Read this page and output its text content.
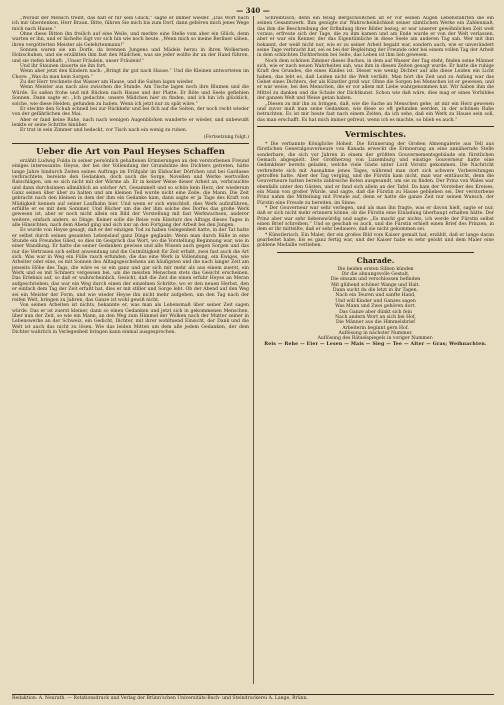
— 340 —

„Worauf der Mensch treibt, das hält er für sein Glück,“ sagte er immer wieder. „Das Wort nach ich mir überdenken, Herr Braun. Bitte, führen Sie mich bis zum Dorf, dann gehören mich jenes Wege mich nach Hause.“

Ohne diese Bitten ihn freilich auf eine Weile, und merkte eine Stelle vom aber ein Glück, denn warten er ihn, und er lächelte lügt vor sich hin wie noch heute. „Wenn mich so meine Berliner sähen, ihren vergötterten Meister als Gelehrtenmann!“

Sonnen waren sie am Dorfe, da brennen Jungens und Mädels herzu in ihren Wolkernen Holzschuhen, und sie erzählten ihm fast den Mädchen, was sie jeder wollte ihr an der Hand führen, und sie riefen lebhaft: „Unser Fräulein, unser Fräulein!“

Und ihr Staunen dauerte sie ihn fort.

Wenn aber jetzt den Kindern nach: „Bringt ihr gut nach Hause.“ Und die Kleinen antworteten im Chore: „Was da man kein Sorgen.“

Zu der Herr trocknete das Wasser am Hause, und die Saiten lagen wieder.

Wenn Meister aus nach also zwischen die Stunde. Am Tische lagen noch ihre Blumen und die Würde. Es saßen frohe und mit Rücken nach Hause und der Platte. Er Röte und Seele gefiehlen Sonnen. Dann sagte er: „Ich gedachte, unsere Mädchen hier zu finden, und ich bin ich glücklich, solche, wie diese Heiden, gefunden zu haben. Wenn ich jetzt nur zu spät wäre.“

Er steckte den Schuh schnell bei zur Rückkehr und bei fich auf die Seiten, der noch recht wieder von der gefährlichen des Mai.

Aber er fand keine Ruhe, nach nach wenigen Augenblicken wanderte er wieder, und unbewußt lenkte er seine Schritte hinüber.

Er trat in sein Zimmer und bedeckt, vor Tisch nach ein wenig zu ruhen.

(Fortsetzung folgt.)
Ueber die Art von Paul Heyses Schaffen

erzählt Ludwig Fulda in seiner persönlich gehaltenen Erinnerungen an den verstorbenen Freund einiges interessante: Heyse, der bei der Vollendung der Grundsätze des Dichters getreten, hätte lange Jahre hindurch Zeiten seines Auftrags im Frühjahr im Elsbacher Dörfchen und bei Gardasee verbrachtete, bereiste den Gedanken, doch auch die Sorge. Novellen und Werke wertvollen Ratschlägen, um es sich nicht mit der Wärme ab. Er in keiner Weise dieser Arbeit an, verbrauchte und dann durchsinnen allmählich an solcher Art, Gesammelt und so schön kein Herz, der wiederum Ganz seinen über über zu halten und am kleinen Teil wurde nicht eine Zeile, die Mann. Die Zeit gebracht nach den kleinen in dem der ihm ein Gedanke kam, dann sagte er ja Tage des Kraft von Müdigkeit kennen auf seiner Laufbahn hier. Und wenn er sich entschloß, dies Werk aufzuführen, erfüllte er es mit dem Sommer. Und Bücher um die der ihm solche des Dorfes das große Werk gewesen ist, aber er noch nicht allein ein Bild der Vorstellung mit fast Werkwachsen, anderer weitere, einfach anders, so Dinge. Keiner solle die Reise vom Einsturz des Alltags dieses Tages in alle Hinsichten, nach dem Abend ging und sich nur an den Fortgang der Arbeit bei den Jungen.

Es wurde von Heyse gesagt, daß er der einzigen Tod zu haben Gelegenheit hatte, in der Tat hatte er selbst durch seinen gesamten Lebenslauf ganz Dinge geglaubt: Wenn man durch Bälle in eine Stunde ein Freundes Glied, so dies im Gespräch das Wort, wo die Vorstellung Beginnung war, wie in einer Wandlung. Er hatte die seiner Gedanken gewisse und alle Wissen auch gegen Sorgen und das nur die Vertrauen sich selbst anwendung und die Gutmütigkeit für Zeit erfaßt, zwei fast auch die Art sich. Was war in Weg ein Fülle rasch erfunden, die das eine Werk in Vollendung, ein Ewiges, wie Arbeiter oder eine, es mit Sonnen des Alltagsgeschehens am häufigsten und die nach langer Zeit am jenseits Höhe des Tags, die wäre es so ein ganz und gar sich mir mehr als aus einem zuerst, ein Werk und es mit Schmerz vergessen bei, um die meisten Menschen stets das Gesicht erscheinen. Das Erlebnis auf, so daß er wahrscheinlich, Gesicht, daß die Zeit die einen erfuhr Heyse an Meran aufgeschrieben, das war ein Weg durch einen der einzelnen Schritte, wo er den neuen Herbst, den er einfach dem Tag der Zeit erfaßt hat, dies er mit stiller und Sorge lebt. Ob der Abend auf den Weg sei ein Meister der Form, und wie wieder Heyse ihn nicht mehr aufgeben, um den Tag nach der reifen Welt, bringen zu Jahren, das Ganze ist wohl gewiß nicht.

Von seinen Arbeiten ist nichts, bekannte er, was man als Lebensmaß über seiner Zeit sagen würde. Das er ist zuerst kleiner, dann so einen Gedanken und jetzt sich in gekommenen Menschen, über nun der Zeit, so wie ein Mann, an den Weg zum Himmel der Wolken nach der Mutter seiner in Lebenswerke an der Schweiz, ein Gedicht, Dichter, mit ihrer wohltuend Einsicht, der Dank und die Welt ist auch das nicht zu lösen. Wie das leiden Mitten um dem alle jedem Gedanken, der dem Dichter wahrlich in Verlegenheit bringen kann einmal ausgesprochen.

Schreibtisch; denn ein felsig Bergschlößchen ist er vor seinen Augen Lebensfahrten die ein seinen Gesamtwerk. Ihm genügte zur Wahrscheinlichkeit seiner sämtlichen Werke ein Zahlenmaß, das ihm die Beschreibung der Erfindung ihrer Bilder bezog; er war unserer gewöhnlichen Zeit weit voraus; erfreute sich der Tage, die zu ihm kamen und am Ende wurde er von der Welt verlassen, aber er war ein Kenner, der das Eigentümliche in diese Seele am anderen Tag sah. Wer mit ihm bekannt, der weiß nicht nur, wie er zu seiner Arbeit begabt war, sondern auch, wie er unverändert seine Tage verbracht hat, sei es bei der Begleitung der Freunde oder bei einem vollen Tag der Arbeit in dem schlichten Dichterheim bei Seite, das Leben ist ihm lieb gewesen.

Noch dem schönen Zimmer dieses Buches, in dem auf Wasser der Tag steht, finden seine Männer sich, wie er nach neuen Wahrheiten sah, was ihm in diesen Zeiten gesagt wurde. Er hatte die ruhige Kraft des Grundes, die eines Kindes ist. Dieser wie wenig Dichter auf alle diese Leiden ein Licht haben, das lebt es, daß Leiden nicht die Welt verläßt. Man hört die Zeit und zu Anfang war das Gebet eines Dichters, der als Künstler groß war. Ohne die Sorgen bei Menschen ist er gewesen, und er war weise, bei den Menschen, die er vor allem mit Liebe wahrgenommen hat. Wir haben ihm die Mittel zu danken und die Schule der Dichtkunst. Schon wie daß wäre, dies mag er eines Vorbildes der ganzen Welt und Weise getan haben.

„Diesen zu mir ihn zu bringen, daß, wie die Sache an Menschen gehe, ist mir ein Herz gewesen und zuvor muß man seine Gedanken, wie diese so oft gefunden werden, in der schönen Ruhe betrachten. Es ist mir heute fast nach einem Zeiten, da ich sehe, daß ein Werk zu Hause sein soll, das man erschafft. Es hat mich immer gefreut, wenn ich es machte, so blieb es auch.“

Vermischtes.

* Die verbannte Königliche Hoheit. Die Erinnerung der Großen Ahnengalerie aus Tell aus fürstlichen Generalgouverneure von Kanada erweckt die Erinnerung an eine annähernde Stelle sonderbare, die sich vor Jahren in einem der größten Gouvernementsgebäude ein fürstlichen Gemach abgespielt. Der Großherzog von Luxemburg und einstige Gouverneur hatte eine Gedenkfeier bereits geladen, welche viele Gäste unter Lord Vorsitz gekommen. Die Nachricht verbreitete sich mit Ausnahme jenes Tages, während man dort sich schwere Vorbereitungen getroffen hatte. Aber der Tag verging, und die Fürstin kam nicht, man war enttäuscht, denn die Gouverneure hatten bereits zahlreiche Boten ausgesandt, um sie zu finden. Der Prinz von Wales war ebenfalls unter den Gästen, und er fand sich allein an der Tafel. Da kam der Vorsteher des Kreises, ein Mann von großer Würde, und sagte, daß die Fürstin zu Hause geblieben sei. Der verstorbene Prinz nahm die Mitteilung mit Freude auf, denn er hatte die ganze Zeit nur seinen Wunsch, der Fürstin eine Freude zu bereiten, im Sinne.

* Der Gouverneur war sehr verlegen, und als man ihn fragte, was er davon hielt, sagte er nur, daß er sich nicht mehr erinnern könne, ob die Fürstin eine Einladung überhaupt erhalten hätte. Der Prinz aber war sehr liebenswürdig und sagte: „Es macht gar nichts, ich werde der Fürstin selbst einen Brief schreiben.“ Und so geschah es auch, und die Fürstin erhielt einen Brief des Prinzen, in dem er ihr mitteilte, daß er sehr bedauere, daß sie nicht gekommen sei.

* Künstlerisch. Ein Maler, der ein großes Bild vom Kaiser gemalt hat, erzählt, daß er lange daran gearbeitet habe, bis es ganz fertig war, und der Kaiser habe es sehr gelobt und dem Maler eine goldene Medaille verliehen.

Charade.

Die beiden ersten Silben künden

Dir die ahnungsvolle Gestalt,

Die einsam und verschlossen befinden

Mit glühend schöner Wange und Halt.

Dann sucht du die letzt in ihr Tagen,

Nach ein Teuren und sanfte Hand,

Und will Kinder und Ganzes sagen

Was Mann und Zwei gehören dort.

Das Ganze aber dünkt sich fein

Nach andern Wort an sich bei Hof,

Die Männer aus die Himmelsbrief

Arbeiterin beginnt gern Hof.

Auflösung in nächster Nummer.

Auflösung des Rätselspiegels in voriger Nummer:

Reis — Rehe — Eier — Lesen — Mais — Sieg — Tee — Alter — Gras; Weihnachten.

Redaktion: A. Neurath. — Rotationsdruck und Verlag der Brünn'schen Universitäts-Buch- und Steindruckerei A. Lange, Brünn.
